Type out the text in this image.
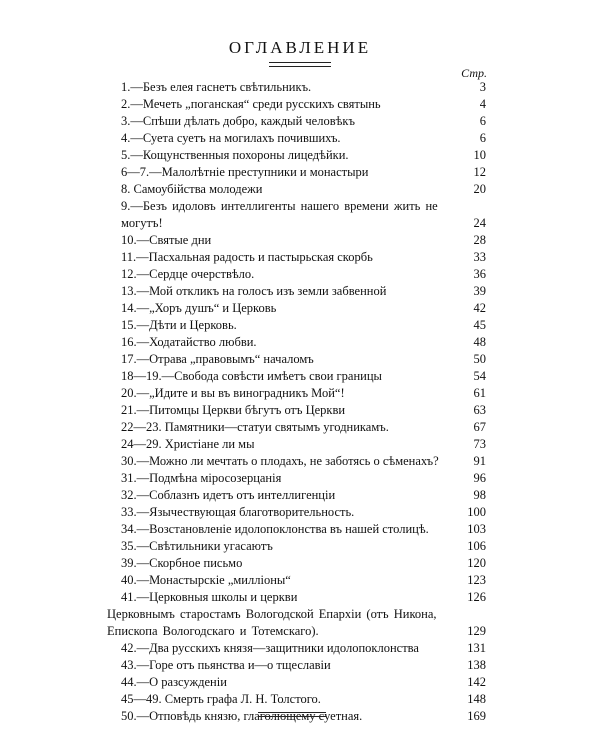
ОГЛАВЛЕНИЕ
Стр.
1.—Безъ елея гаснетъ свѣтильникъ.	3
2.—Мечеть „поганская“ среди русскихъ святынь	4
3.—Спѣши дѣлать добро, каждый человѣкъ	6
4.—Суета суетъ на могилахъ почившихъ.	6
5.—Кощунственныя похороны лицедѣйки.	10
6—7.—Малолѣтніе преступники и монастыри	12
8. Самоубійства молодежи	20
9.—Безъ идоловъ интеллигенты нашего времени жить не могутъ!	24
10.—Святые дни	28
11.—Пасхальная радость и пастырьская скорбь	33
12.—Сердце очерствѣло.	36
13.—Мой откликъ на голосъ изъ земли забвенной	39
14.—„Хоръ душъ“ и Церковь	42
15.—Дѣти и Церковь.	45
16.—Ходатайство любви.	48
17.—Отрава „правовымъ“ началомъ	50
18—19.—Свобода совѣсти имѣетъ свои границы	54
20.—„Идите и вы въ виноградникъ Мой“!	61
21.—Питомцы Церкви бѣгутъ отъ Церкви	63
22—23. Памятники—статуи святымъ угодникамъ.	67
24—29. Христіане ли мы	73
30.—Можно ли мечтать о плодахъ, не заботясь о сѣменахъ?	91
31.—Подмѣна міросозерцанія	96
32.—Соблазнъ идетъ отъ интеллигенціи	98
33.—Язычествующая благотворительность.	100
34.—Возстановленіе идолопоклонства въ нашей столицѣ.	103
35.—Свѣтильники угасаютъ	106
39.—Скорбное письмо	120
40.—Монастырскіе „милліоны“	123
41.—Церковныя школы и церкви	126
Церковнымъ старостамъ Вологодской Епархіи (отъ Никона, Епископа Вологодскаго и Тотемскаго).	129
42.—Два русскихъ князя—защитники идолопоклонства	131
43.—Горе отъ пьянства и—о тщеславіи	138
44.—О разсужденіи	142
45—49. Смерть графа Л. Н. Толстого.	148
50.—Отповѣдь князю, глаголющему суетная.	169
